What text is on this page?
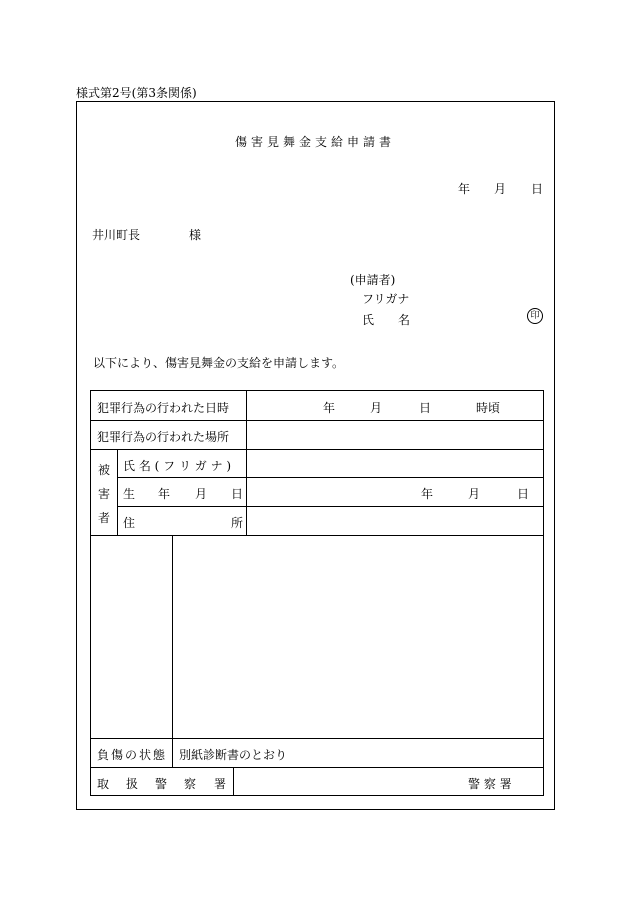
様式第2号(第3条関係)
傷害見舞金支給申請書
年 月 日
井川町長	様
(申請者)
フリガナ
氏 名	印
以下により、傷害見舞金の支給を申請します。
犯罪行為の行われた日時	年	月	日	時頃
犯罪行為の行われた場所
被
害
者
氏 名 ( フ リ ガ ナ )
生 年 月 日	年	月	日
住	所
負傷の状態 別紙診断書のとおり
取 扱 警 察 署	警 察 署
